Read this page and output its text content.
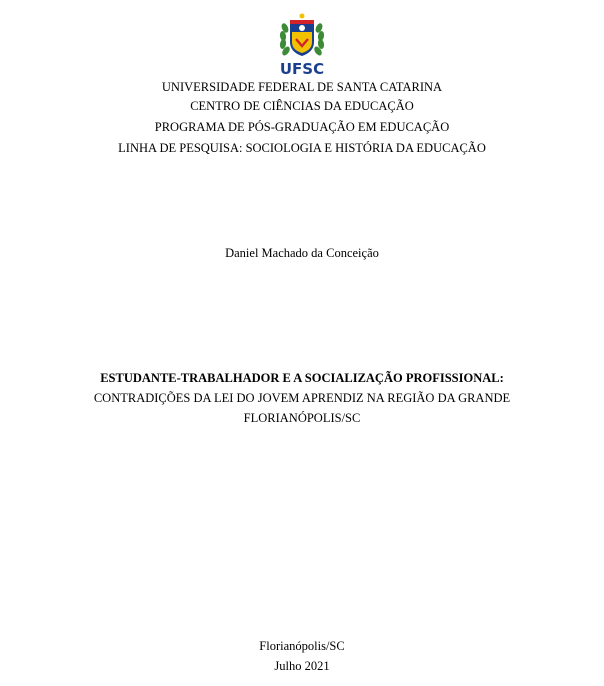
UFSC
UNIVERSIDADE FEDERAL DE SANTA CATARINA
CENTRO DE CIÊNCIAS DA EDUCAÇÃO
PROGRAMA DE PÓS-GRADUAÇÃO EM EDUCAÇÃO
LINHA DE PESQUISA: SOCIOLOGIA E HISTÓRIA DA EDUCAÇÃO
Daniel Machado da Conceição
ESTUDANTE-TRABALHADOR E A SOCIALIZAÇÃO PROFISSIONAL:
CONTRADIÇÕES DA LEI DO JOVEM APRENDIZ NA REGIÃO DA GRANDE
FLORIANÓPOLIS/SC
Florianópolis/SC
Julho 2021
